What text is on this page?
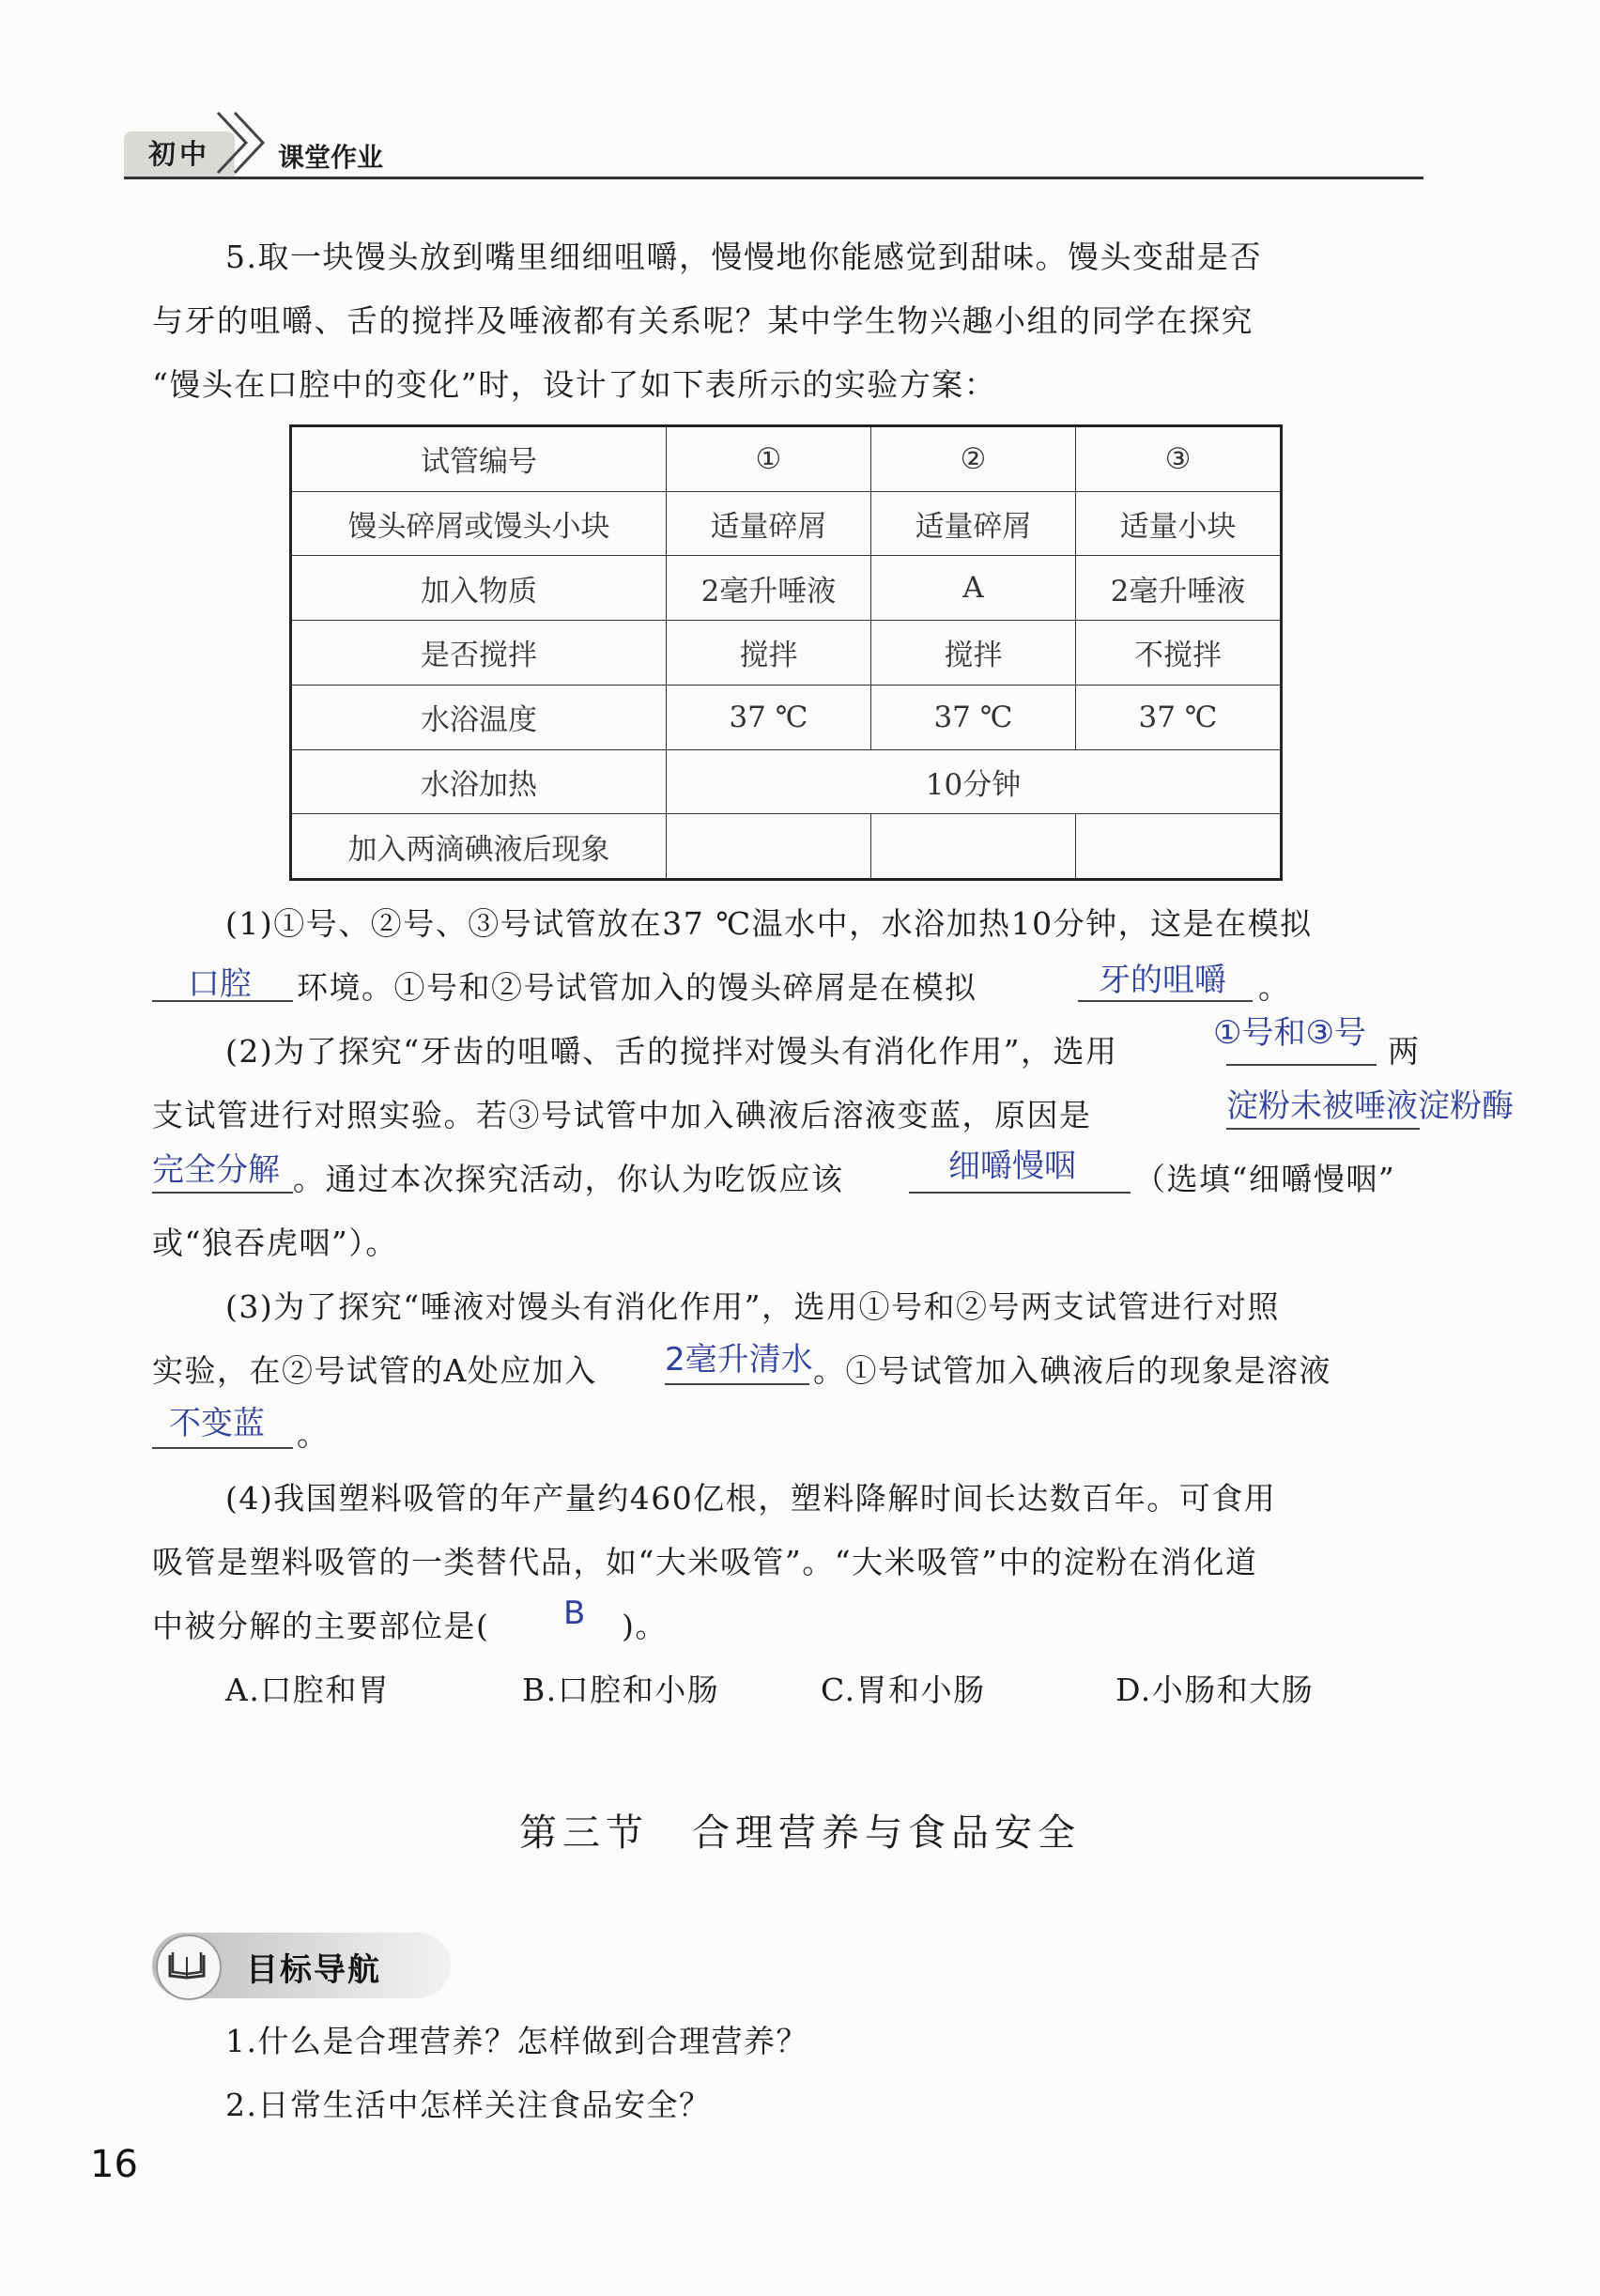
初中	课堂作业
5.取一块馒头放到嘴里细细咀嚼，慢慢地你能感觉到甜味。馒头变甜是否
与牙的咀嚼、舌的搅拌及唾液都有关系呢？某中学生物兴趣小组的同学在探究
“馒头在口腔中的变化”时，设计了如下表所示的实验方案：
试管编号	①	②	③
馒头碎屑或馒头小块	适量碎屑	适量碎屑	适量小块
加入物质	2毫升唾液	A	2毫升唾液
是否搅拌	搅拌	搅拌	不搅拌
水浴温度	37 ℃	37 ℃	37 ℃
水浴加热	10分钟		
加入两滴碘液后现象			
(1)①号、②号、③号试管放在37 ℃温水中，水浴加热10分钟，这是在模拟
口腔 环境。①号和②号试管加入的馒头碎屑是在模拟	牙的咀嚼 。
(2)为了探究“牙齿的咀嚼、舌的搅拌对馒头有消化作用”，选用	①号和③号 两
支试管进行对照实验。若③号试管中加入碘液后溶液变蓝，原因是	淀粉未被唾液淀粉酶
完全分解 。通过本次探究活动，你认为吃饭应该	细嚼慢咽 （选填“细嚼慢咽”
或“狼吞虎咽”）。
(3)为了探究“唾液对馒头有消化作用”，选用①号和②号两支试管进行对照
实验，在②号试管的A处应加入 2毫升清水 。①号试管加入碘液后的现象是溶液
不变蓝 。
(4)我国塑料吸管的年产量约460亿根，塑料降解时间长达数百年。可食用
吸管是塑料吸管的一类替代品，如“大米吸管”。“大米吸管”中的淀粉在消化道
中被分解的主要部位是( B )。
A.口腔和胃	B.口腔和小肠	C.胃和小肠	D.小肠和大肠
第三节　合理营养与食品安全
目标导航
1.什么是合理营养？怎样做到合理营养？
2.日常生活中怎样关注食品安全？
16
